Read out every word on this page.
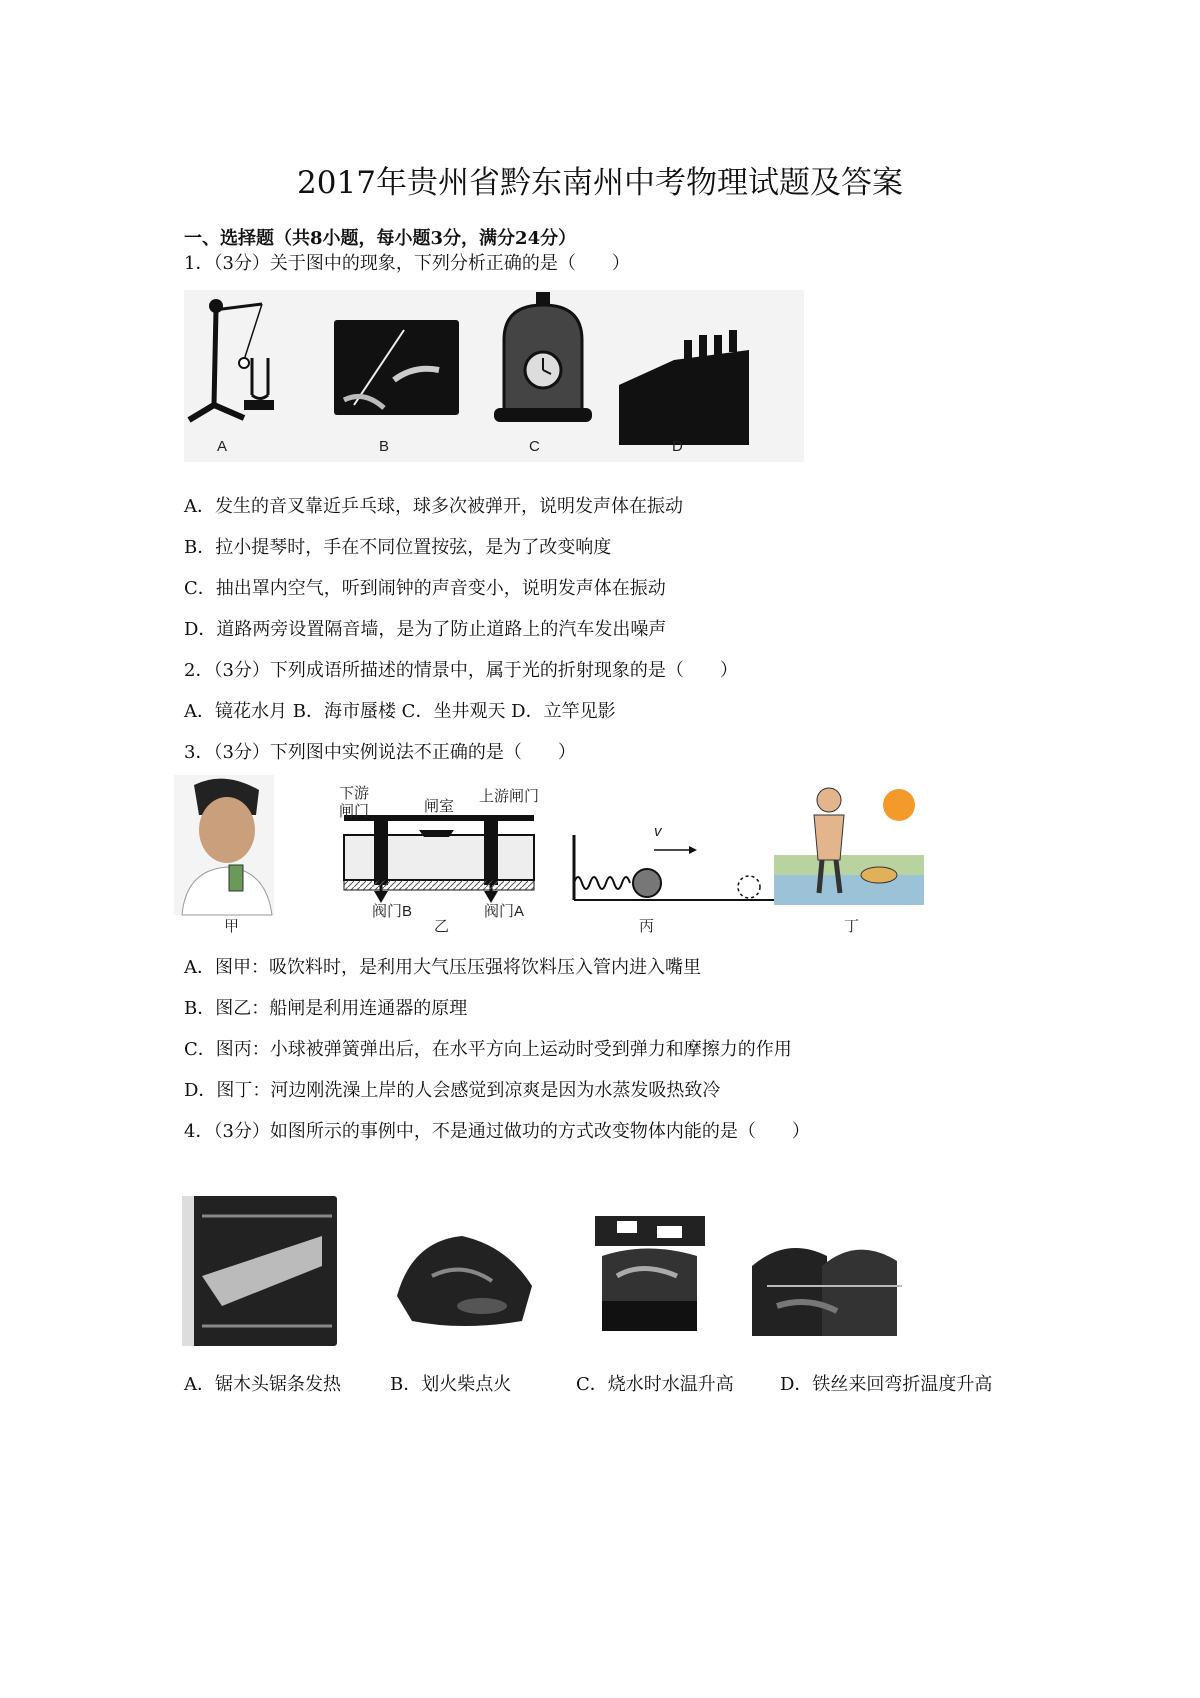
2017年贵州省黔东南州中考物理试题及答案
一、选择题（共8小题，每小题3分，满分24分）
1．（3分）关于图中的现象，下列分析正确的是（　　）
A	B	C	D
A．发生的音叉靠近乒乓球，球多次被弹开，说明发声体在振动
B．拉小提琴时，手在不同位置按弦，是为了改变响度
C．抽出罩内空气，听到闹钟的声音变小，说明发声体在振动
D．道路两旁设置隔音墙，是为了防止道路上的汽车发出噪声
2．（3分）下列成语所描述的情景中，属于光的折射现象的是（　　）
A．镜花水月 B．海市蜃楼 C．坐井观天 D．立竿见影
3．（3分）下列图中实例说法不正确的是（　　）
下游闸门	闸室
上游闸门
阀门B	阀门A
v
甲	乙	丙	丁
A．图甲：吸饮料时，是利用大气压压强将饮料压入管内进入嘴里
B．图乙：船闸是利用连通器的原理
C．图丙：小球被弹簧弹出后，在水平方向上运动时受到弹力和摩擦力的作用
D．图丁：河边刚洗澡上岸的人会感觉到凉爽是因为水蒸发吸热致冷
4．（3分）如图所示的事例中，不是通过做功的方式改变物体内能的是（　　）
A．锯木头锯条发热	B．划火柴点火	C．烧水时水温升高	D．铁丝来回弯折温度升高
